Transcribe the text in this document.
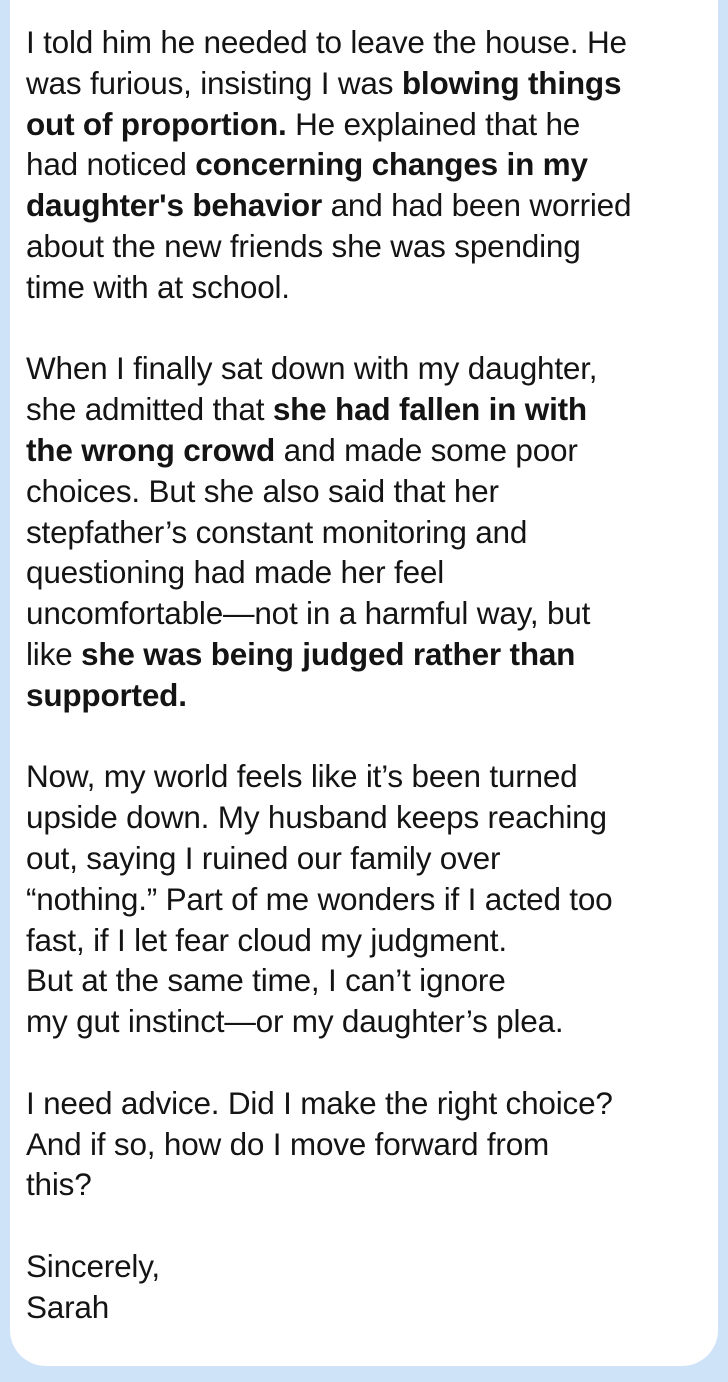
I told him he needed to leave the house. He
was furious, insisting I was blowing things
out of proportion. He explained that he
had noticed concerning changes in my
daughter's behavior and had been worried
about the new friends she was spending
time with at school.
When I finally sat down with my daughter,
she admitted that she had fallen in with
the wrong crowd and made some poor
choices. But she also said that her
stepfather’s constant monitoring and
questioning had made her feel
uncomfortable—not in a harmful way, but
like she was being judged rather than
supported.
Now, my world feels like it’s been turned
upside down. My husband keeps reaching
out, saying I ruined our family over
“nothing.” Part of me wonders if I acted too
fast, if I let fear cloud my judgment.
But at the same time, I can’t ignore
my gut instinct—or my daughter’s plea.
I need advice. Did I make the right choice?
And if so, how do I move forward from
this?
Sincerely,
Sarah
